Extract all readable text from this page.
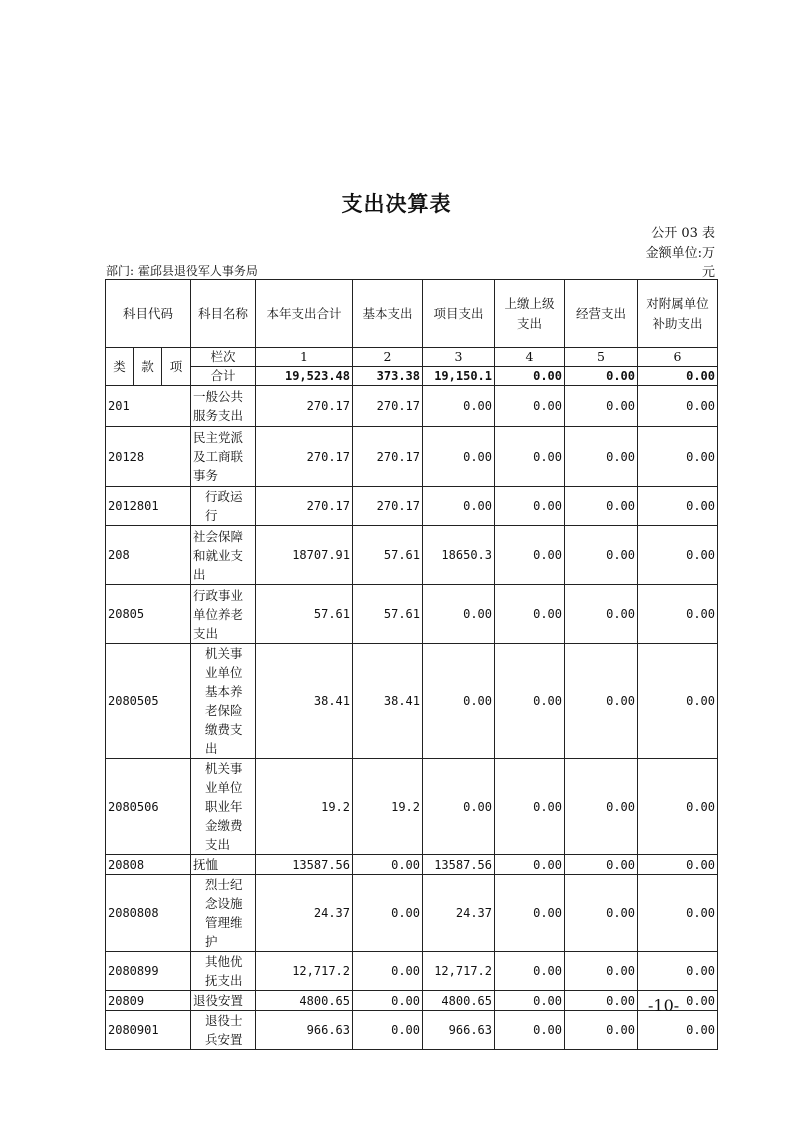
支出决算表
公开 03 表
金额单位:万
部门: 霍邱县退役军人事务局	元
科目代码			科目名称	本年支出合计	基本支出	项目支出	上缴上级支出	经营支出	对附属单位补助支出
类	款	项	栏次	1	2	3	4	5	6
			合计	19,523.48	373.38	19,150.1	0.00	0.00	0.00
201			一般公共服务支出	270.17	270.17	0.00	0.00	0.00	0.00
20128			民主党派及工商联事务	270.17	270.17	0.00	0.00	0.00	0.00
2012801			行政运行	270.17	270.17	0.00	0.00	0.00	0.00
208			社会保障和就业支出	18707.91	57.61	18650.3	0.00	0.00	0.00
20805			行政事业单位养老支出	57.61	57.61	0.00	0.00	0.00	0.00
2080505			机关事业单位基本养老保险缴费支出	38.41	38.41	0.00	0.00	0.00	0.00
2080506			机关事业单位职业年金缴费支出	19.2	19.2	0.00	0.00	0.00	0.00
20808			抚恤	13587.56	0.00	13587.56	0.00	0.00	0.00
2080808			烈士纪念设施管理维护	24.37	0.00	24.37	0.00	0.00	0.00
2080899			其他优抚支出	12,717.2	0.00	12,717.2	0.00	0.00	0.00
20809			退役安置	4800.65	0.00	4800.65	0.00	0.00	0.00
2080901			退役士兵安置	966.63	0.00	966.63	0.00	0.00	0.00
-10-
